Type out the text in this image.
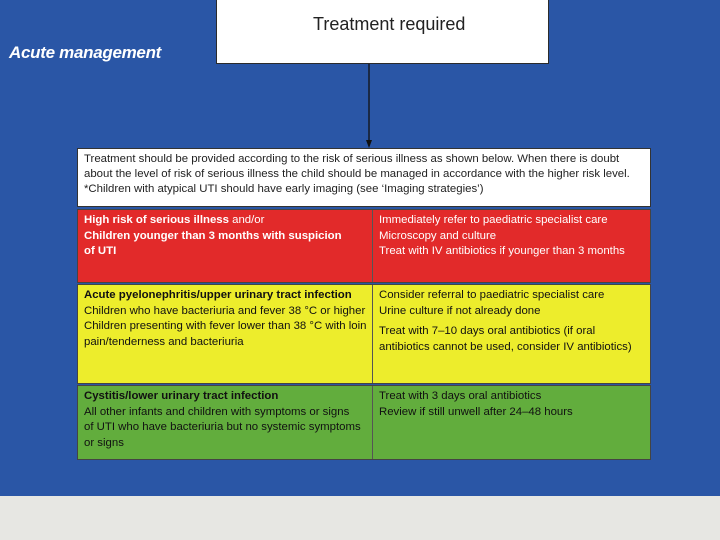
Treatment required
Acute management
Treatment should be provided according to the risk of serious illness as shown below. When there is doubt about the level of risk of serious illness the child should be managed in accordance with the higher risk level. *Children with atypical UTI should have early imaging (see ‘Imaging strategies’)
High risk of serious illness and/or
Children younger than 3 months with suspicion
of UTI
Immediately refer to paediatric specialist care
Microscopy and culture
Treat with IV antibiotics if younger than 3 months
Acute pyelonephritis/upper urinary tract infection
Children who have bacteriuria and fever 38 °C or higher
Children presenting with fever lower than 38 °C with loin
pain/tenderness and bacteriuria
Consider referral to paediatric specialist care
Urine culture if not already done
Treat with 7–10 days oral antibiotics (if oral
antibiotics cannot be used, consider IV antibiotics)
Cystitis/lower urinary tract infection
All other infants and children with symptoms or signs
of UTI who have bacteriuria but no systemic symptoms
or signs
Treat with 3 days oral antibiotics
Review if still unwell after 24–48 hours
